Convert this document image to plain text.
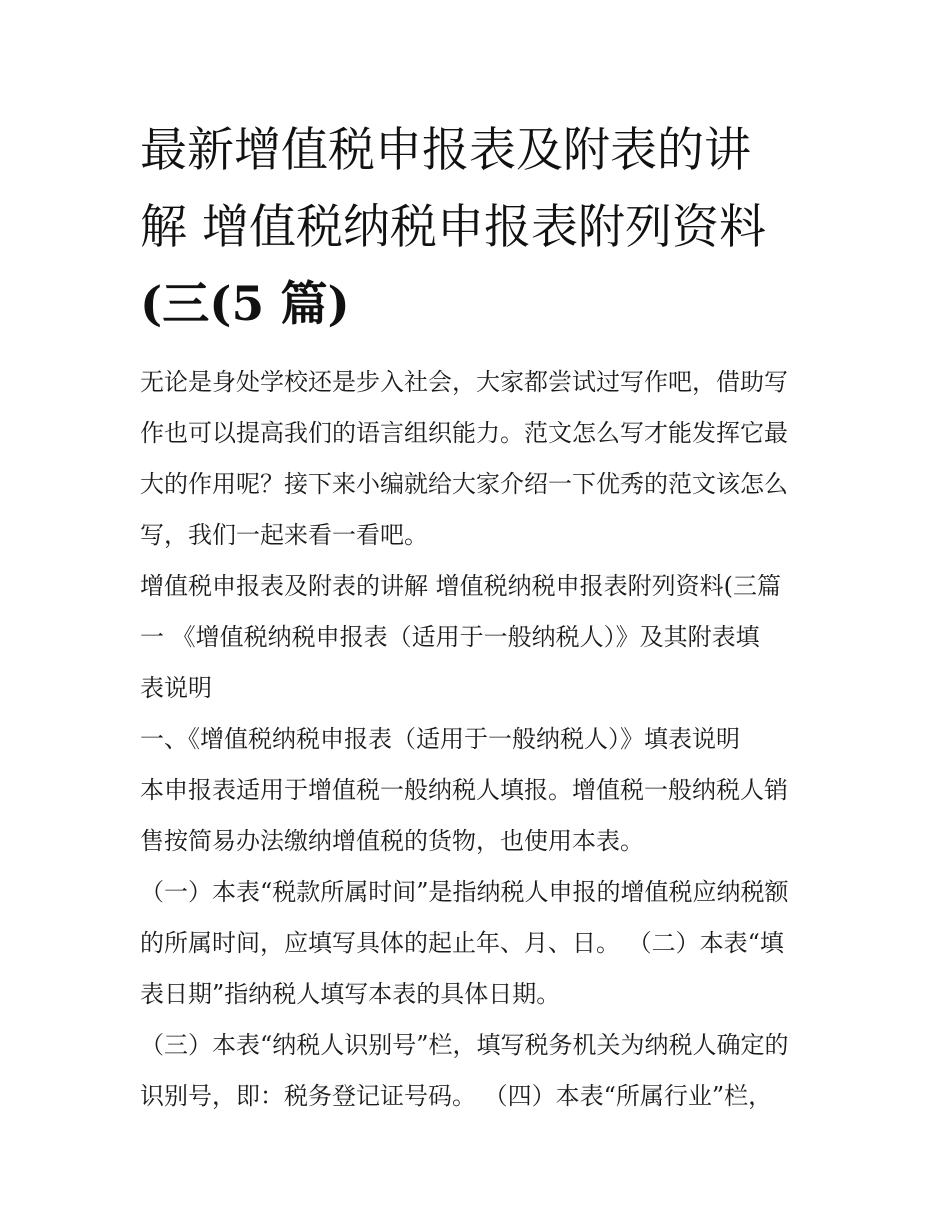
最新增值税申报表及附表的讲
解 增值税纳税申报表附列资料
(三(5 篇)
无论是身处学校还是步入社会，大家都尝试过写作吧，借助写
作也可以提高我们的语言组织能力。范文怎么写才能发挥它最
大的作用呢？接下来小编就给大家介绍一下优秀的范文该怎么
写，我们一起来看一看吧。
增值税申报表及附表的讲解 增值税纳税申报表附列资料(三篇
一 《增值税纳税申报表（适用于一般纳税人）》及其附表填
表说明
一、《增值税纳税申报表（适用于一般纳税人）》填表说明
本申报表适用于增值税一般纳税人填报。增值税一般纳税人销
售按简易办法缴纳增值税的货物，也使用本表。
（一）本表“税款所属时间”是指纳税人申报的增值税应纳税额
的所属时间，应填写具体的起止年、月、日。 （二）本表“填
表日期”指纳税人填写本表的具体日期。
（三）本表“纳税人识别号”栏，填写税务机关为纳税人确定的
识别号，即：税务登记证号码。 （四）本表“所属行业”栏，
